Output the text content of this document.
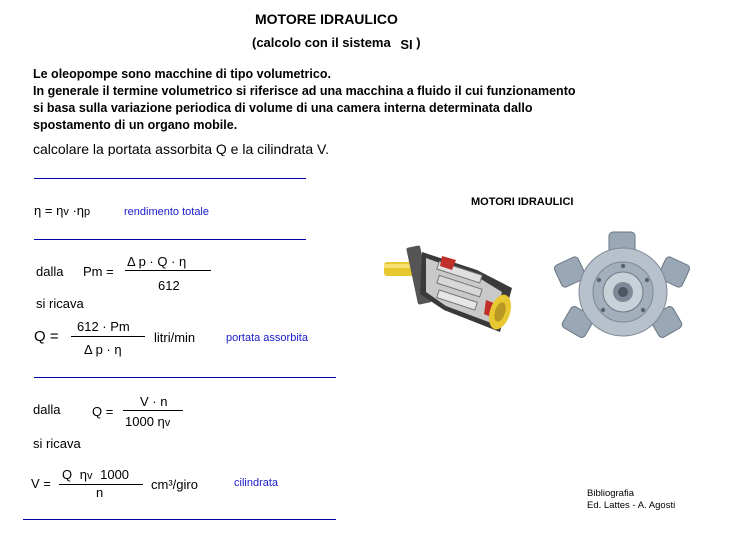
MOTORE IDRAULICO
(calcolo con il sistema SI )
Le oleopompe sono macchine di tipo volumetrico.
In generale il termine volumetrico si riferisce ad una macchina a fluido il cui funzionamento
si basa sulla variazione periodica di volume di una camera interna determinata dallo
spostamento di un organo mobile.
calcolare la portata assorbita Q e la cilindrata V.
η = ηv ·ηp	rendimento totale
dalla Pm =
Δ p · Q · η
612
si ricava
Q =
612 · Pm
Δ p · η
litri/min	portata assorbita
dalla Q =
V · n
1000 ηv
si ricava
V =
Q ηv 1000
n
cm³/giro	cilindrata
MOTORI IDRAULICI
Bibliografia
Ed. Lattes - A. Agosti
